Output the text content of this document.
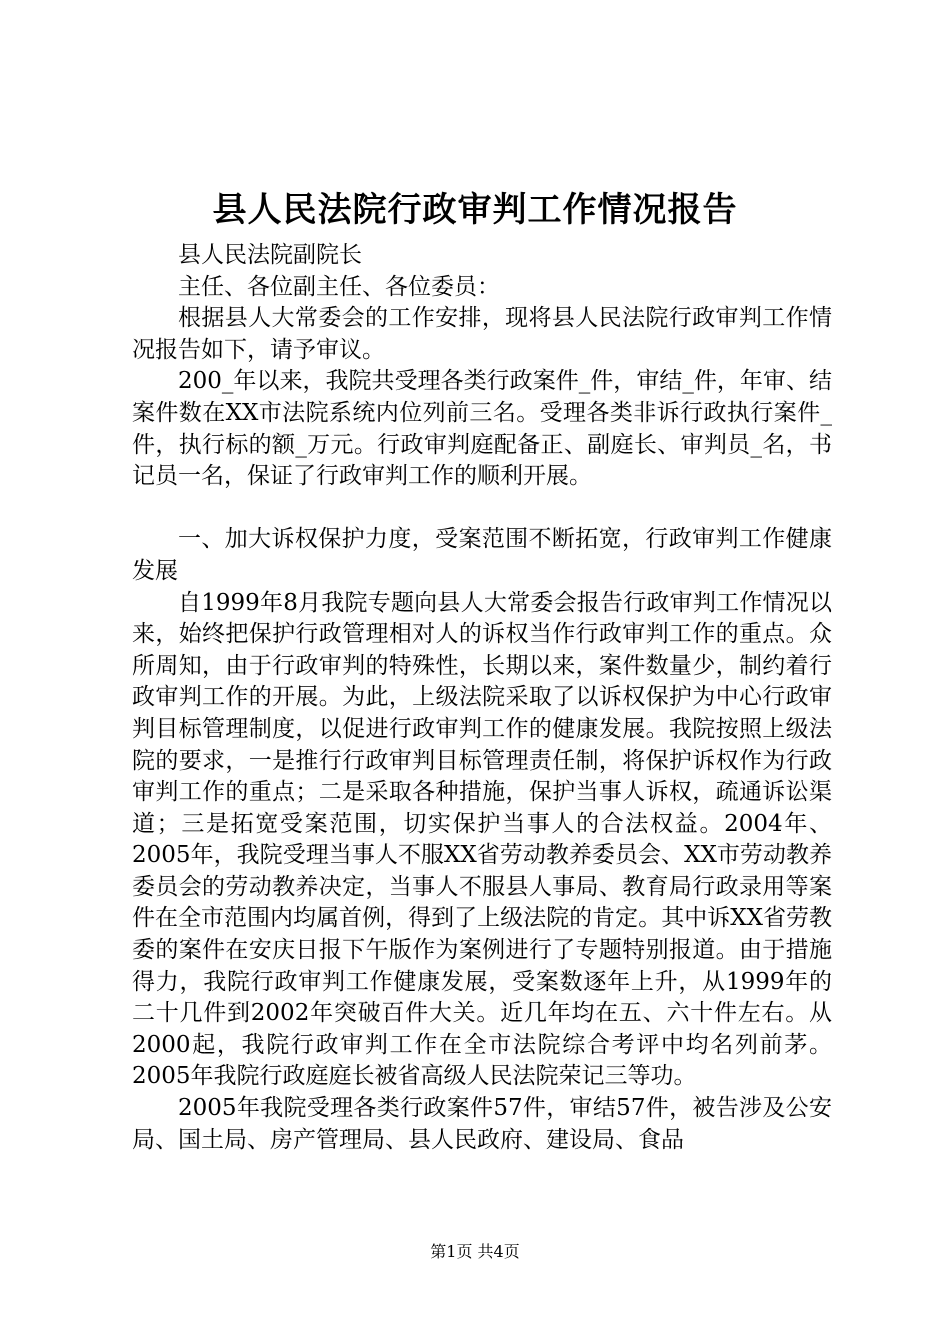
县人民法院行政审判工作情况报告

县人民法院副院长

主任、各位副主任、各位委员：

根据县人大常委会的工作安排，现将县人民法院行政审判工作情况报告如下，请予审议。

200_年以来，我院共受理各类行政案件_件，审结_件，年审、结案件数在XX市法院系统内位列前三名。受理各类非诉行政执行案件_件，执行标的额_万元。行政审判庭配备正、副庭长、审判员_名，书记员一名，保证了行政审判工作的顺利开展。

一、加大诉权保护力度，受案范围不断拓宽，行政审判工作健康发展

自1999年8月我院专题向县人大常委会报告行政审判工作情况以来，始终把保护行政管理相对人的诉权当作行政审判工作的重点。众所周知，由于行政审判的特殊性，长期以来，案件数量少，制约着行政审判工作的开展。为此，上级法院采取了以诉权保护为中心行政审判目标管理制度，以促进行政审判工作的健康发展。我院按照上级法院的要求，一是推行行政审判目标管理责任制，将保护诉权作为行政审判工作的重点；二是采取各种措施，保护当事人诉权，疏通诉讼渠道；三是拓宽受案范围，切实保护当事人的合法权益。2004年、2005年，我院受理当事人不服XX省劳动教养委员会、XX市劳动教养委员会的劳动教养决定，当事人不服县人事局、教育局行政录用等案件在全市范围内均属首例，得到了上级法院的肯定。其中诉XX省劳教委的案件在安庆日报下午版作为案例进行了专题特别报道。由于措施得力，我院行政审判工作健康发展，受案数逐年上升，从1999年的二十几件到2002年突破百件大关。近几年均在五、六十件左右。从2000起，我院行政审判工作在全市法院综合考评中均名列前茅。2005年我院行政庭庭长被省高级人民法院荣记三等功。

2005年我院受理各类行政案件57件，审结57件，被告涉及公安局、国土局、房产管理局、县人民政府、建设局、食品

第1页 共4页
